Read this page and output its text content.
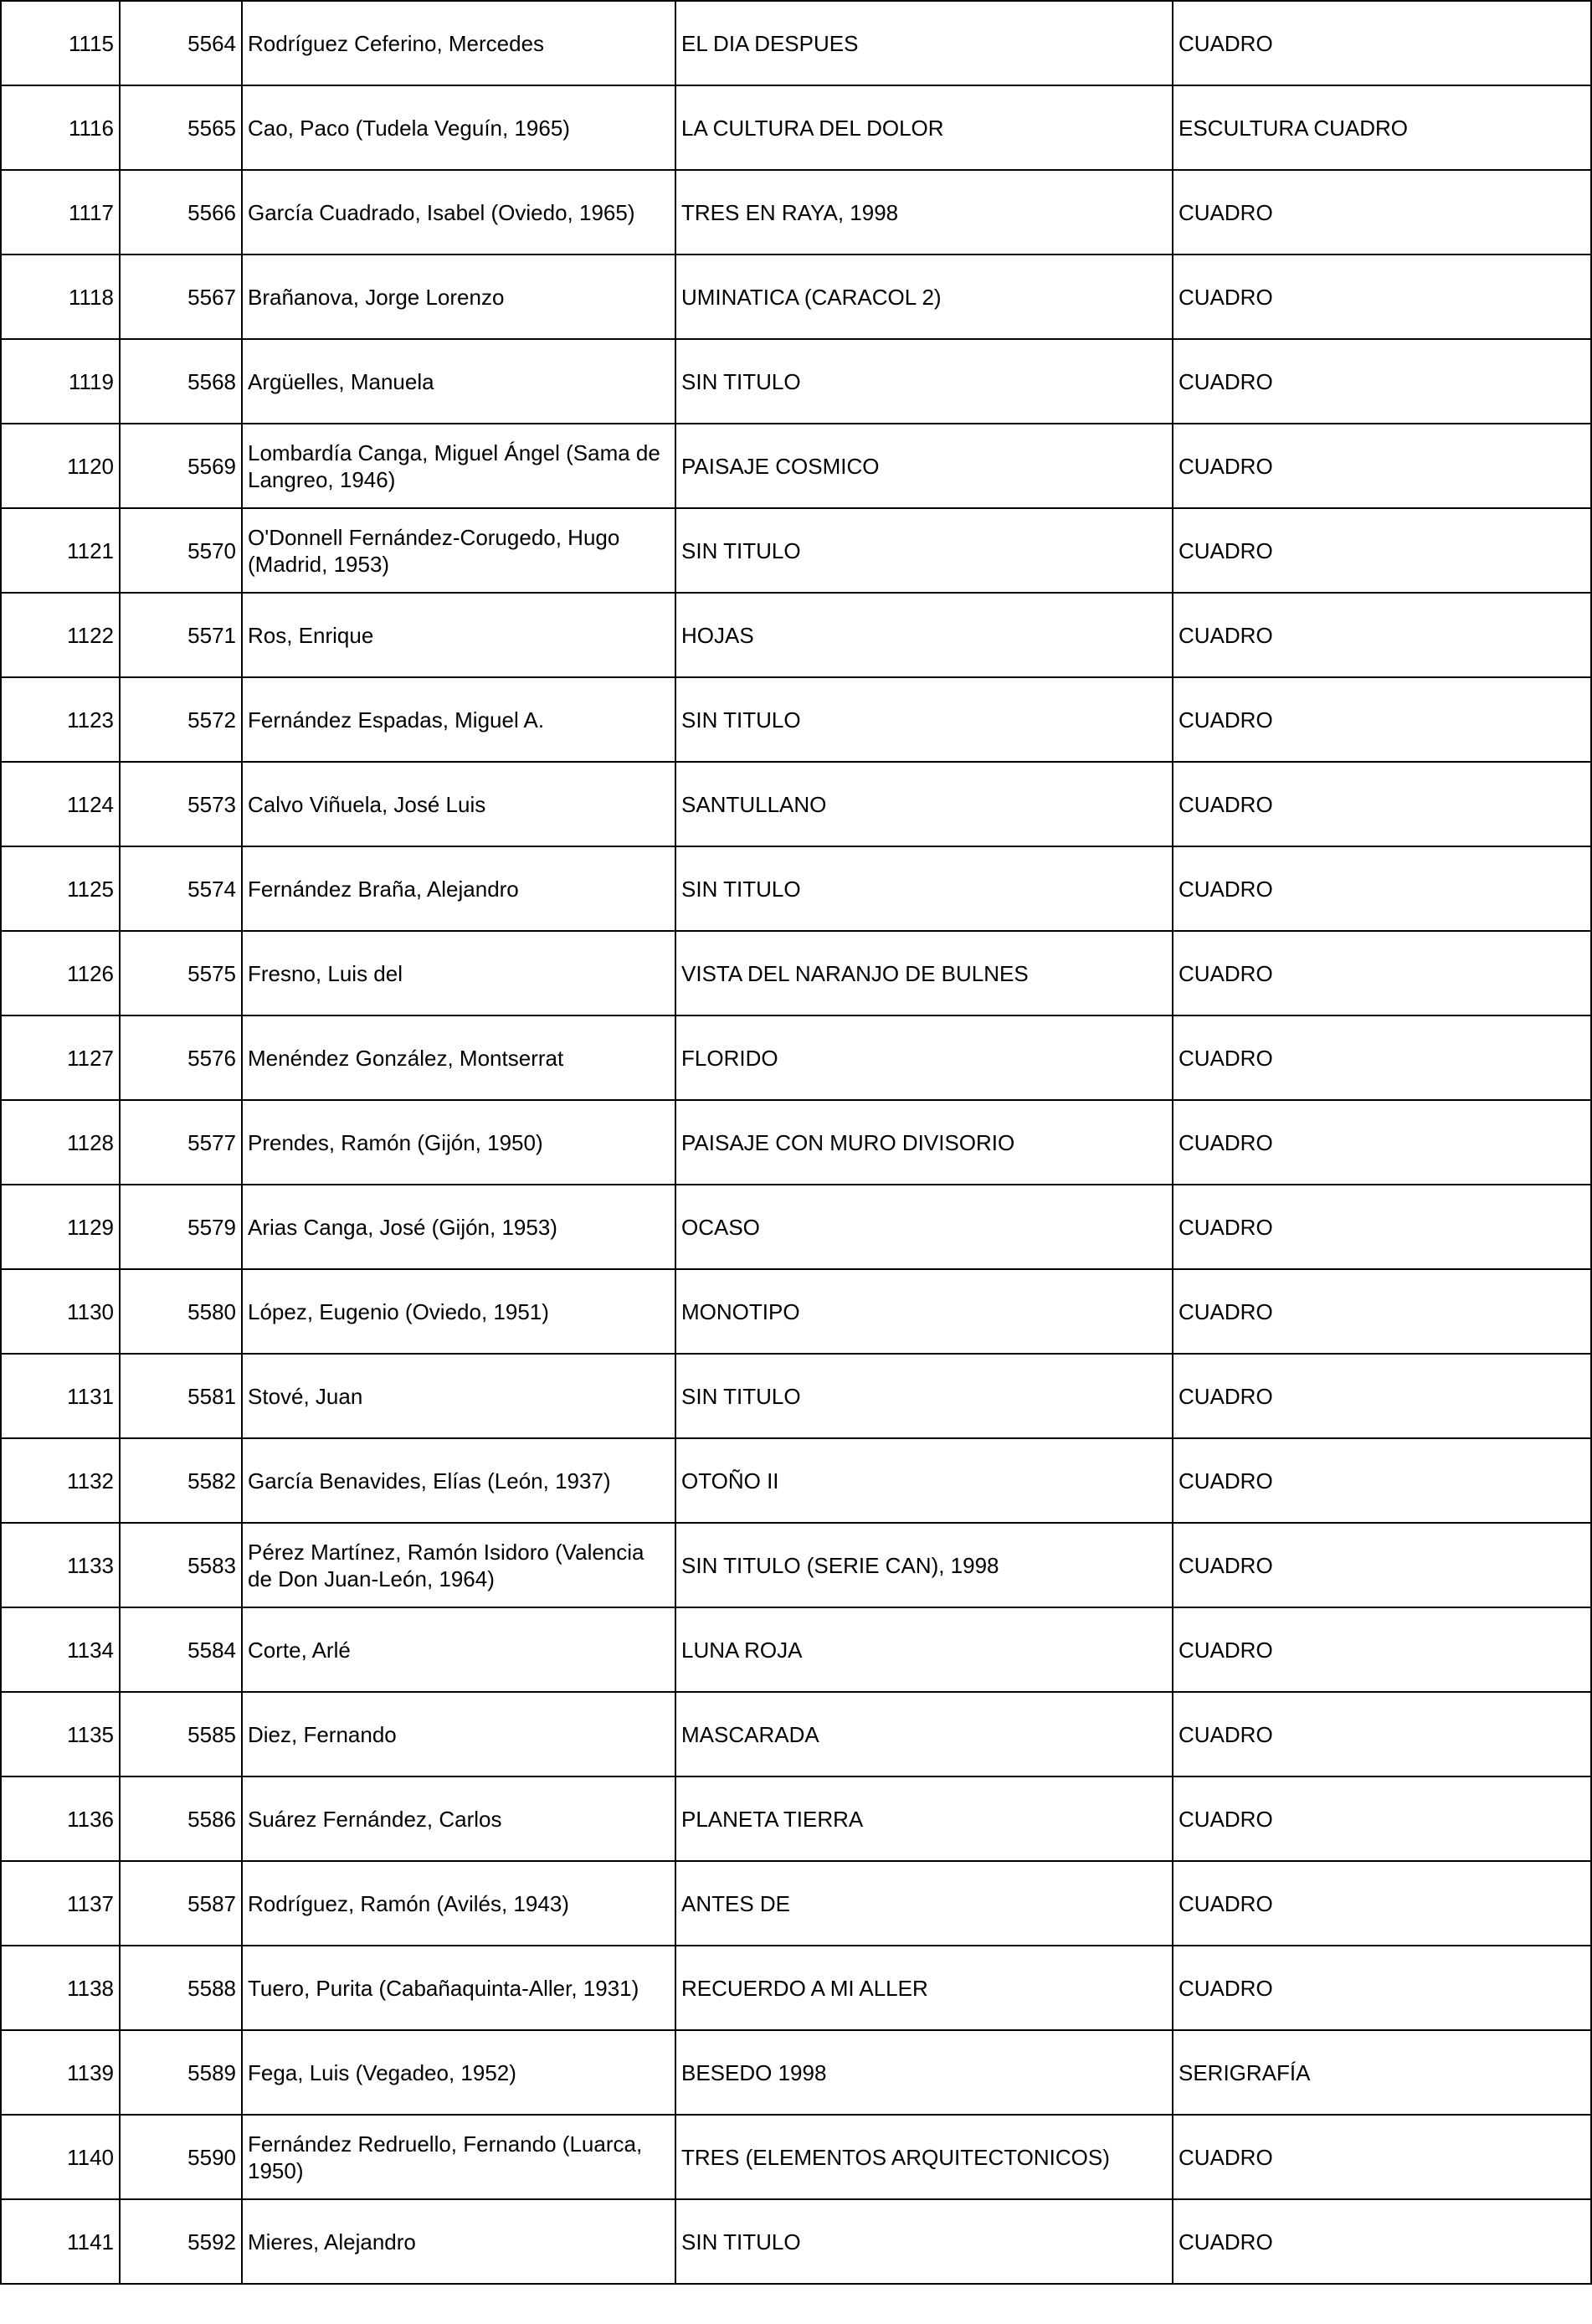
1115	5564	Rodríguez Ceferino, Mercedes	EL DIA DESPUES	CUADRO
1116	5565	Cao, Paco (Tudela Veguín, 1965)	LA CULTURA DEL DOLOR	ESCULTURA CUADRO
1117	5566	García Cuadrado, Isabel (Oviedo, 1965)	TRES EN RAYA, 1998	CUADRO
1118	5567	Brañanova, Jorge Lorenzo	UMINATICA (CARACOL 2)	CUADRO
1119	5568	Argüelles, Manuela	SIN TITULO	CUADRO
1120	5569	Lombardía Canga, Miguel Ángel (Sama de Langreo, 1946)	PAISAJE COSMICO	CUADRO
1121	5570	O'Donnell Fernández-Corugedo, Hugo (Madrid, 1953)	SIN TITULO	CUADRO
1122	5571	Ros, Enrique	HOJAS	CUADRO
1123	5572	Fernández Espadas, Miguel A.	SIN TITULO	CUADRO
1124	5573	Calvo Viñuela, José Luis	SANTULLANO	CUADRO
1125	5574	Fernández Braña, Alejandro	SIN TITULO	CUADRO
1126	5575	Fresno, Luis del	VISTA DEL NARANJO DE BULNES	CUADRO
1127	5576	Menéndez González, Montserrat	FLORIDO	CUADRO
1128	5577	Prendes, Ramón (Gijón, 1950)	PAISAJE CON MURO DIVISORIO	CUADRO
1129	5579	Arias Canga, José (Gijón, 1953)	OCASO	CUADRO
1130	5580	López, Eugenio (Oviedo, 1951)	MONOTIPO	CUADRO
1131	5581	Stové, Juan	SIN TITULO	CUADRO
1132	5582	García Benavides, Elías (León, 1937)	OTOÑO II	CUADRO
1133	5583	Pérez Martínez, Ramón Isidoro (Valencia de Don Juan-León, 1964)	SIN TITULO (SERIE CAN), 1998	CUADRO
1134	5584	Corte, Arlé	LUNA ROJA	CUADRO
1135	5585	Diez, Fernando	MASCARADA	CUADRO
1136	5586	Suárez Fernández, Carlos	PLANETA TIERRA	CUADRO
1137	5587	Rodríguez, Ramón (Avilés, 1943)	ANTES DE	CUADRO
1138	5588	Tuero, Purita (Cabañaquinta-Aller, 1931)	RECUERDO A MI ALLER	CUADRO
1139	5589	Fega, Luis (Vegadeo, 1952)	BESEDO 1998	SERIGRAFÍA
1140	5590	Fernández Redruello, Fernando (Luarca, 1950)	TRES (ELEMENTOS ARQUITECTONICOS)	CUADRO
1141	5592	Mieres, Alejandro	SIN TITULO	CUADRO
